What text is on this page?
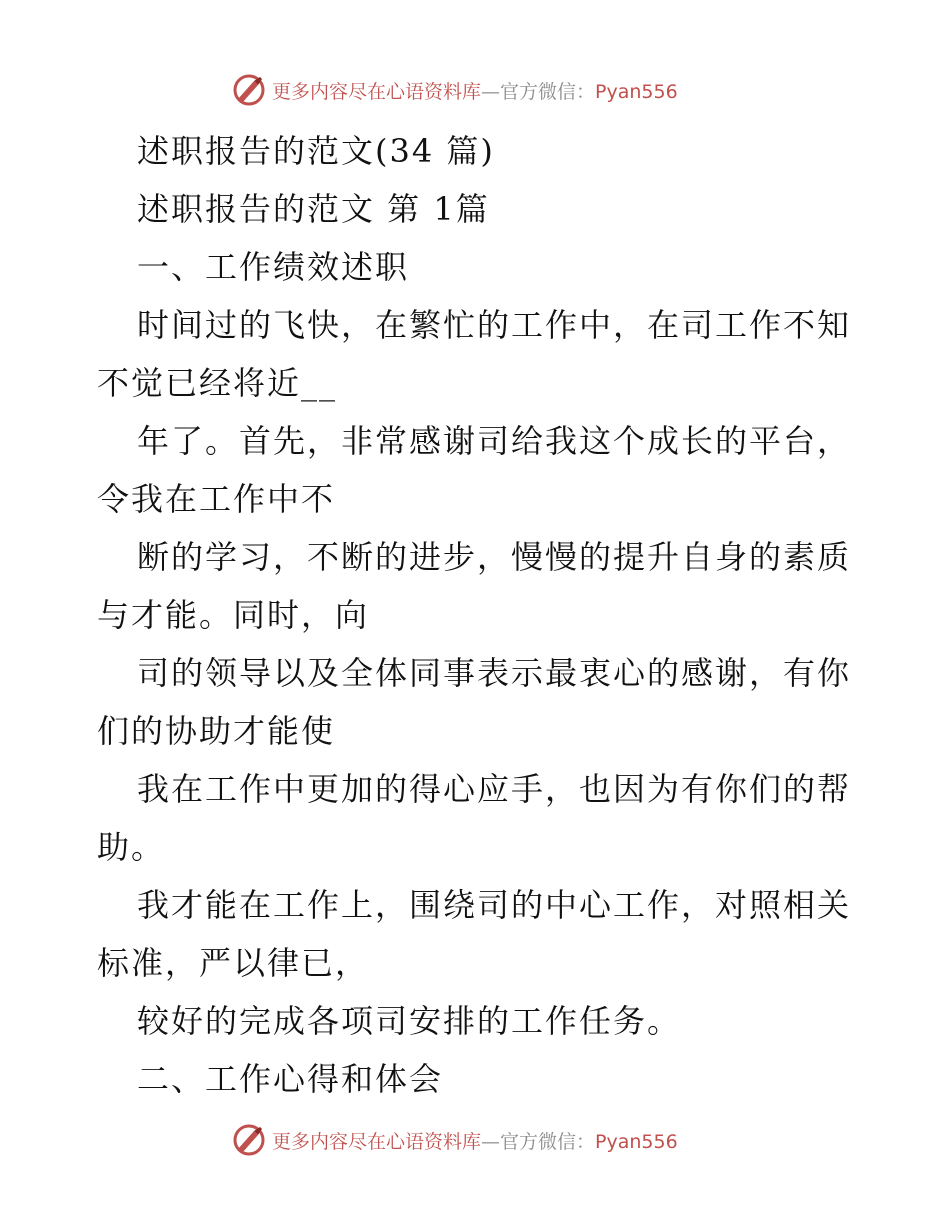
更多内容尽在心语资料库—官方微信：Pyan556
述职报告的范文(34 篇)
述职报告的范文 第 1篇
一、工作绩效述职
时间过的飞快，在繁忙的工作中，在司工作不知
不觉已经将近__
年了。首先，非常感谢司给我这个成长的平台，
令我在工作中不
断的学习，不断的进步，慢慢的提升自身的素质
与才能。同时，向
司的领导以及全体同事表示最衷心的感谢，有你
们的协助才能使
我在工作中更加的得心应手，也因为有你们的帮
助。
我才能在工作上，围绕司的中心工作，对照相关
标准，严以律已，
较好的完成各项司安排的工作任务。
二、工作心得和体会
更多内容尽在心语资料库—官方微信：Pyan556
